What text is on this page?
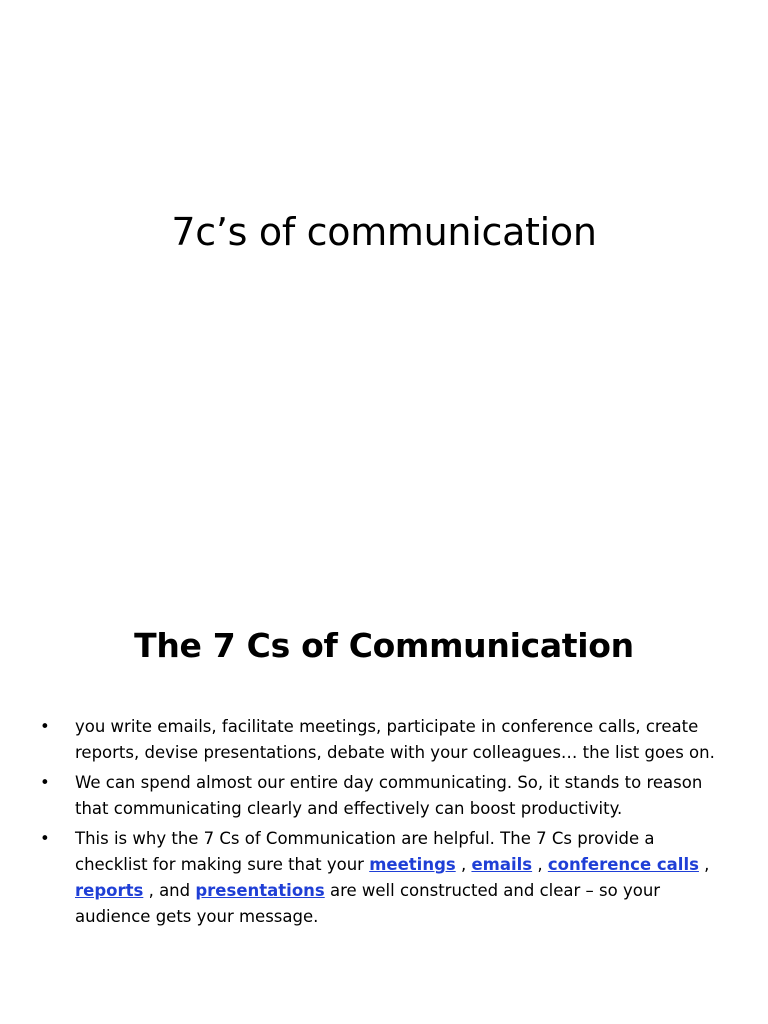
7c’s of communication
The 7 Cs of Communication
• you write emails, facilitate meetings, participate in conference calls, create reports, devise presentations, debate with your colleagues… the list goes on.
• We can spend almost our entire day communicating. So, it stands to reason that communicating clearly and effectively can boost productivity.
• This is why the 7 Cs of Communication are helpful. The 7 Cs provide a checklist for making sure that your meetings , emails , conference calls , reports , and presentations are well constructed and clear – so your audience gets your message.
